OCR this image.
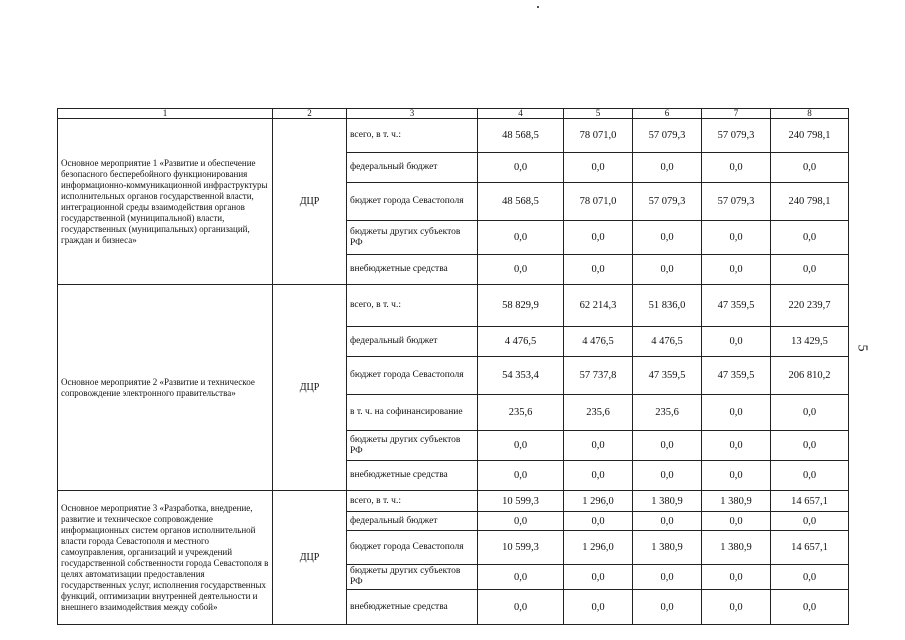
5
1	2	3	4	5	6	7	8
Основное мероприятие 1 «Развитие и обеспечение безопасного бесперебойного функционирования информационно-коммуникационной инфраструктуры исполнительных органов государственной власти, интеграционной среды взаимодействия органов государственной (муниципальной) власти, государственных (муниципальных) организаций, граждан и бизнеса»	ДЦР	всего, в т. ч.:	48 568,5	78 071,0	57 079,3	57 079,3	240 798,1
		федеральный бюджет	0,0	0,0	0,0	0,0	0,0
		бюджет города Севастополя	48 568,5	78 071,0	57 079,3	57 079,3	240 798,1
		бюджеты других субъектов РФ	0,0	0,0	0,0	0,0	0,0
		внебюджетные средства	0,0	0,0	0,0	0,0	0,0
Основное мероприятие 2 «Развитие и техническое сопровождение электронного правительства»	ДЦР	всего, в т. ч.:	58 829,9	62 214,3	51 836,0	47 359,5	220 239,7
		федеральный бюджет	4 476,5	4 476,5	4 476,5	0,0	13 429,5
		бюджет города Севастополя	54 353,4	57 737,8	47 359,5	47 359,5	206 810,2
		в т. ч. на софинансирование	235,6	235,6	235,6	0,0	0,0
		бюджеты других субъектов РФ	0,0	0,0	0,0	0,0	0,0
		внебюджетные средства	0,0	0,0	0,0	0,0	0,0
Основное мероприятие 3 «Разработка, внедрение, развитие и техническое сопровождение информационных систем органов исполнительной власти города Севастополя и местного самоуправления, организаций и учреждений государственной собственности города Севастополя в целях автоматизации предоставления государственных услуг, исполнения государственных функций, оптимизации внутренней деятельности и внешнего взаимодействия между собой»	ДЦР	всего, в т. ч.:	10 599,3	1 296,0	1 380,9	1 380,9	14 657,1
		федеральный бюджет	0,0	0,0	0,0	0,0	0,0
		бюджет города Севастополя	10 599,3	1 296,0	1 380,9	1 380,9	14 657,1
		бюджеты других субъектов РФ	0,0	0,0	0,0	0,0	0,0
		внебюджетные средства	0,0	0,0	0,0	0,0	0,0
